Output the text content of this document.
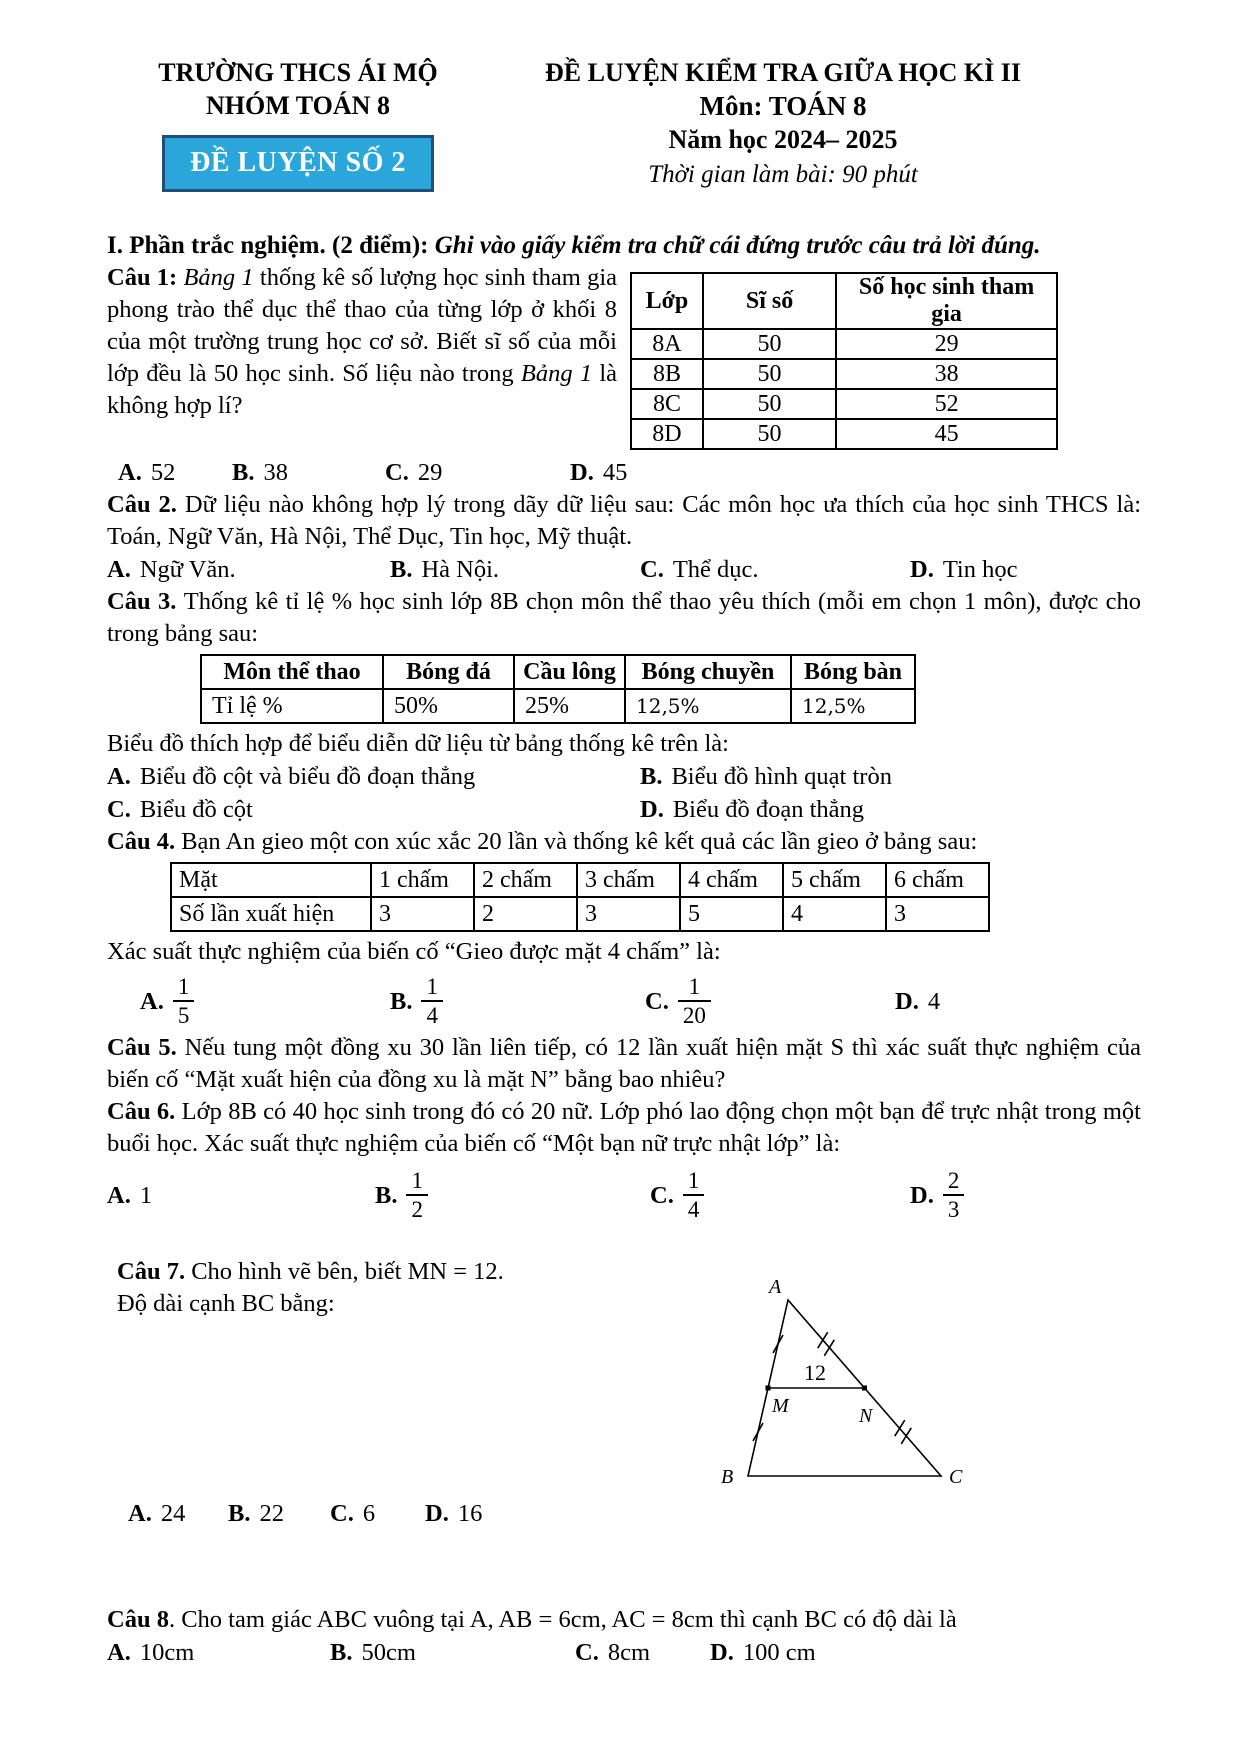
TRƯỜNG THCS ÁI MỘ
NHÓM TOÁN 8
ĐỀ LUYỆN SỐ 2
ĐỀ LUYỆN KIỂM TRA GIỮA HỌC KÌ II
Môn: TOÁN 8
Năm học 2024– 2025
Thời gian làm bài: 90 phút

I. Phần trắc nghiệm. (2 điểm): Ghi vào giấy kiểm tra chữ cái đứng trước câu trả lời đúng.

Lớp	Sĩ số	Số học sinh tham gia
8A	50	29
8B	50	38
8C	50	52
8D	50	45

Câu 1: Bảng 1 thống kê số lượng học sinh tham gia phong trào thể dục thể thao của từng lớp ở khối 8 của một trường trung học cơ sở. Biết sĩ số của mỗi lớp đều là 50 học sinh. Số liệu nào trong Bảng 1 là không hợp lí?

A. 52 B. 38	C. 29	D. 45

Câu 2. Dữ liệu nào không hợp lý trong dãy dữ liệu sau: Các môn học ưa thích của học sinh THCS là: Toán, Ngữ Văn, Hà Nội, Thể Dục, Tin học, Mỹ thuật.

A. Ngữ Văn.	B. Hà Nội.	C. Thể dục.	D. Tin học

Câu 3. Thống kê tỉ lệ % học sinh lớp 8B chọn môn thể thao yêu thích (mỗi em chọn 1 môn), được cho trong bảng sau:

Môn thể thao	Bóng đá	Cầu lông	Bóng chuyền	Bóng bàn
Tỉ lệ %	50%	25%	12,5%	12,5%

Biểu đồ thích hợp để biểu diễn dữ liệu từ bảng thống kê trên là:

A. Biểu đồ cột và biểu đồ đoạn thẳng	B. Biểu đồ hình quạt tròn
C. Biểu đồ cột	D. Biểu đồ đoạn thẳng

Câu 4. Bạn An gieo một con xúc xắc 20 lần và thống kê kết quả các lần gieo ở bảng sau:

Mặt	1 chấm	2 chấm	3 chấm	4 chấm	5 chấm	6 chấm
Số lần xuất hiện	3	2	3	5	4	3

Xác suất thực nghiệm của biến cố “Gieo được mặt 4 chấm” là:

A. $\frac{1}{5}$	B. $\frac{1}{4}$	C. $\frac{1}{20}$	D. 4

Câu 5. Nếu tung một đồng xu 30 lần liên tiếp, có 12 lần xuất hiện mặt S thì xác suất thực nghiệm của biến cố “Mặt xuất hiện của đồng xu là mặt N” bằng bao nhiêu?

Câu 6. Lớp 8B có 40 học sinh trong đó có 20 nữ. Lớp phó lao động chọn một bạn để trực nhật trong một buổi học. Xác suất thực nghiệm của biến cố “Một bạn nữ trực nhật lớp” là:

A. 1	B. $\frac{1}{2}$	C. $\frac{1}{4}$	D. $\frac{2}{3}$
A
B	C
M	N
12

Câu 7. Cho hình vẽ bên, biết MN = 12.

Độ dài cạnh BC bằng:

A. 24 B. 22 C. 6 D. 16

Câu 8. Cho tam giác ABC vuông tại A, AB = 6cm, AC = 8cm thì cạnh BC có độ dài là

A. 10cm	B. 50cm	C. 8cm D. 100 cm
